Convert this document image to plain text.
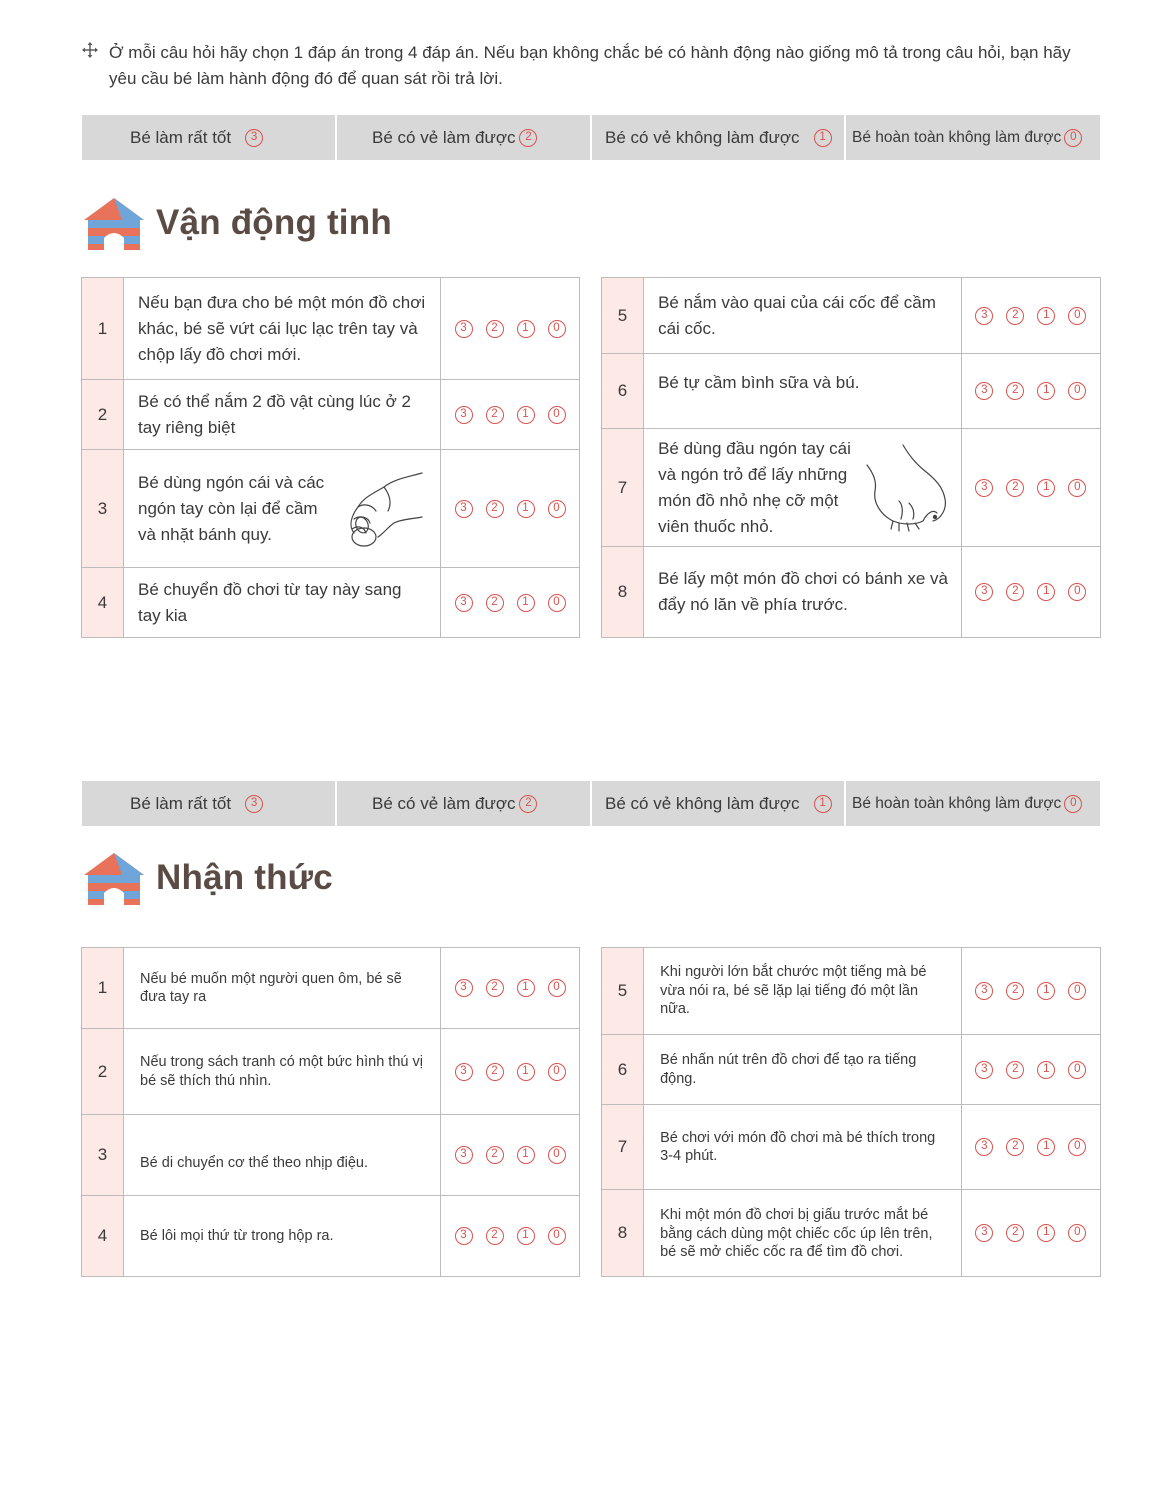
Ở mỗi câu hỏi hãy chọn 1 đáp án trong 4 đáp án. Nếu bạn không chắc bé có hành động nào giống mô tả trong câu hỏi, bạn hãy yêu cầu bé làm hành động đó để quan sát rồi trả lời.
Bé làm rất tốt	3	Bé có vẻ làm được 2	Bé có vẻ không làm được	1	Bé hoàn toàn không làm được 0
Vận động tinh
1	Nếu bạn đưa cho bé một món đồ chơi khác, bé sẽ vứt cái lục lạc trên tay và chộp lấy đồ chơi mới.	3 2 1 0

2	Bé có thể nắm 2 đồ vật cùng lúc ở 2 tay riêng biệt	3 2 1 0

3	Bé dùng ngón cái và các ngón tay còn lại để cầm và nhặt bánh quy.	3 2 1 0

4	Bé chuyển đồ chơi từ tay này sang tay kia	3 2 1 0
5	Bé nắm vào quai của cái cốc để cầm cái cốc.	3 2 1 0

6	Bé tự cầm bình sữa và bú.	3 2 1 0

7	Bé dùng đầu ngón tay cái và ngón trỏ để lấy những món đồ nhỏ nhẹ cỡ một viên thuốc nhỏ.	3 2 1 0

8	Bé lấy một món đồ chơi có bánh xe và đẩy nó lăn về phía trước.	3 2 1 0
Bé làm rất tốt	3	Bé có vẻ làm được 2	Bé có vẻ không làm được	1	Bé hoàn toàn không làm được 0
Nhận thức
1	Nếu bé muốn một người quen ôm, bé sẽ đưa tay ra	3 2 1 0

2	Nếu trong sách tranh có một bức hình thú vị bé sẽ thích thú nhìn.	3 2 1 0

3	Bé di chuyển cơ thể theo nhịp điệu.	3 2 1 0

4	Bé lôi mọi thứ từ trong hộp ra.	3 2 1 0
5	Khi người lớn bắt chước một tiếng mà bé vừa nói ra, bé sẽ lặp lại tiếng đó một lần nữa.	3 2 1 0

6	Bé nhấn nút trên đồ chơi để tạo ra tiếng động.	3 2 1 0

7	Bé chơi với món đồ chơi mà bé thích trong 3-4 phút.	3 2 1 0

8	Khi một món đồ chơi bị giấu trước mắt bé bằng cách dùng một chiếc cốc úp lên trên, bé sẽ mở chiếc cốc ra để tìm đồ chơi.	3 2 1 0
